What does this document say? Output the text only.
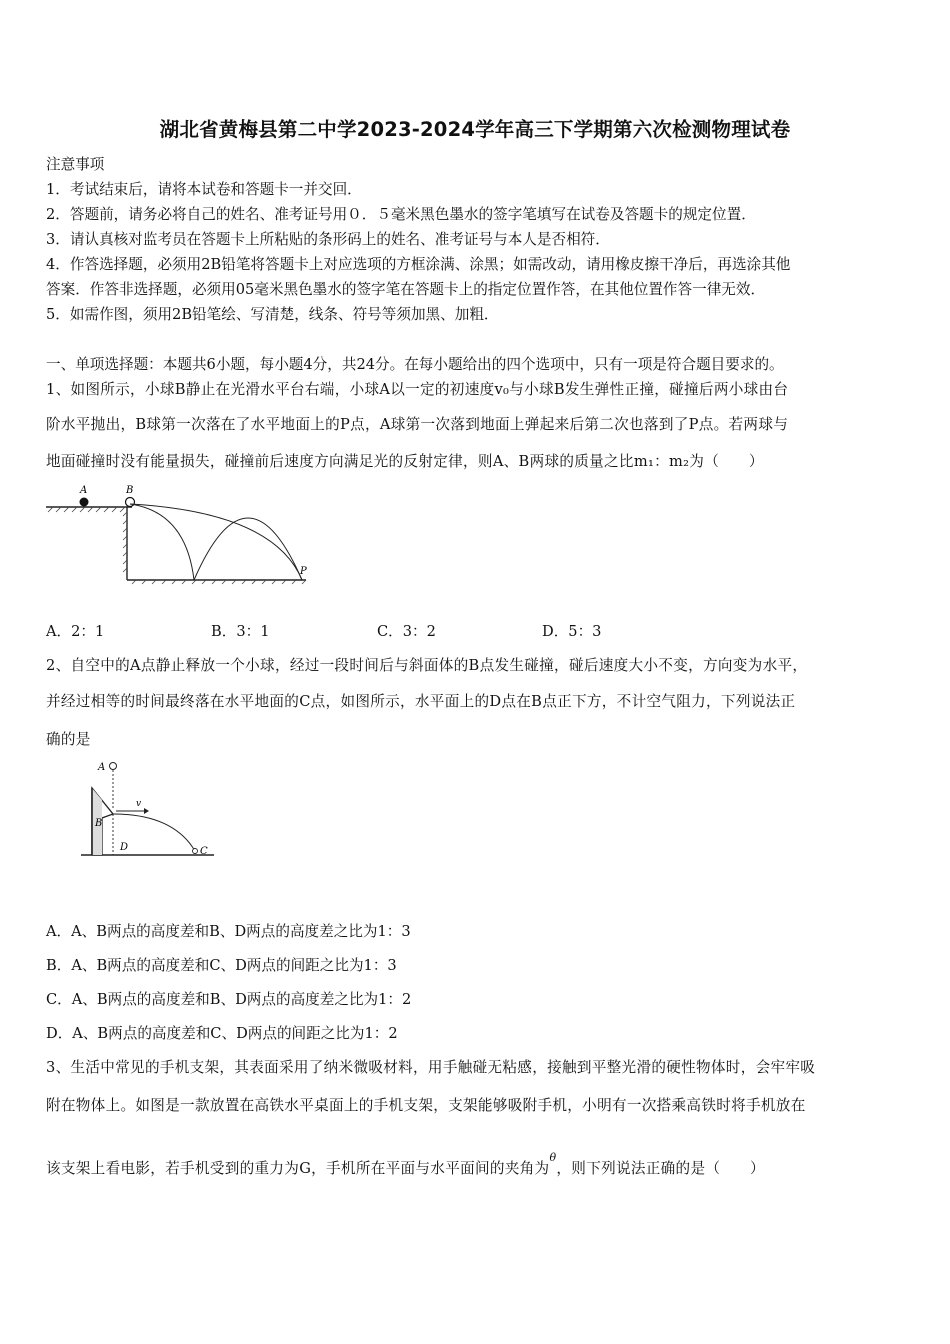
湖北省黄梅县第二中学2023-2024学年高三下学期第六次检测物理试卷
注意事项
1．考试结束后，请将本试卷和答题卡一并交回．
2．答题前，请务必将自己的姓名、准考证号用０．５毫米黑色墨水的签字笔填写在试卷及答题卡的规定位置．
3．请认真核对监考员在答题卡上所粘贴的条形码上的姓名、准考证号与本人是否相符．
4．作答选择题，必须用2B铅笔将答题卡上对应选项的方框涂满、涂黑；如需改动，请用橡皮擦干净后，再选涂其他
答案．作答非选择题，必须用05毫米黑色墨水的签字笔在答题卡上的指定位置作答，在其他位置作答一律无效．
5．如需作图，须用2B铅笔绘、写清楚，线条、符号等须加黑、加粗．
一、单项选择题：本题共6小题，每小题4分，共24分。在每小题给出的四个选项中，只有一项是符合题目要求的。
1、如图所示，小球B静止在光滑水平台右端，小球A以一定的初速度v₀与小球B发生弹性正撞，碰撞后两小球由台
阶水平抛出，B球第一次落在了水平地面上的P点，A球第一次落到地面上弹起来后第二次也落到了P点。若两球与
地面碰撞时没有能量损失，碰撞前后速度方向满足光的反射定律，则A、B两球的质量之比m₁：m₂为（　　）
A	B
P
A．2：1	B．3：1	C．3：2	D．5：3
2、自空中的A点静止释放一个小球，经过一段时间后与斜面体的B点发生碰撞，碰后速度大小不变，方向变为水平，
并经过相等的时间最终落在水平地面的C点，如图所示，水平面上的D点在B点正下方，不计空气阻力，下列说法正
确的是
A
B
D	C
v
A．A、B两点的高度差和B、D两点的高度差之比为1：3
B．A、B两点的高度差和C、D两点的间距之比为1：3
C．A、B两点的高度差和B、D两点的高度差之比为1：2
D．A、B两点的高度差和C、D两点的间距之比为1：2
3、生活中常见的手机支架，其表面采用了纳米微吸材料，用手触碰无粘感，接触到平整光滑的硬性物体时，会牢牢吸
附在物体上。如图是一款放置在高铁水平桌面上的手机支架，支架能够吸附手机，小明有一次搭乘高铁时将手机放在
该支架上看电影，若手机受到的重力为G，手机所在平面与水平面间的夹角为$^\theta$，则下列说法正确的是（　　）
